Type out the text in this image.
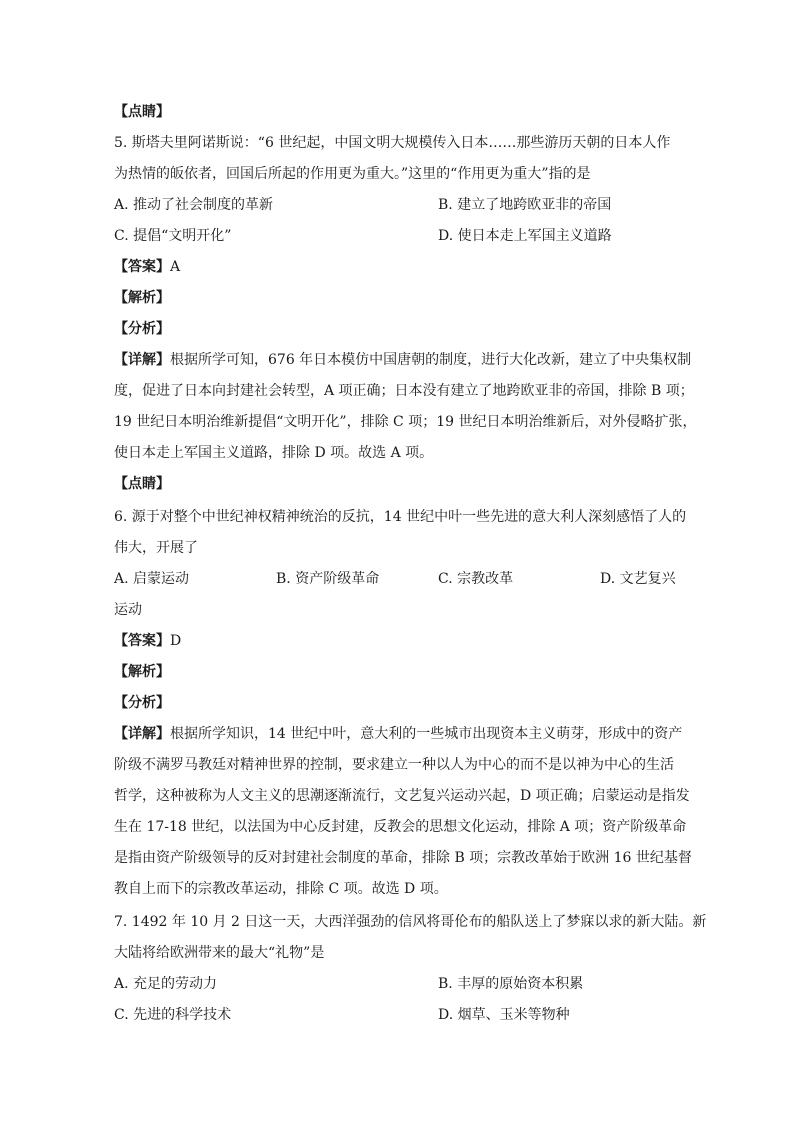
【点睛】
5. 斯塔夫里阿诺斯说：“6 世纪起，中国文明大规模传入日本……那些游历天朝的日本人作
为热情的皈依者，回国后所起的作用更为重大。”这里的“作用更为重大”指的是
A. 推动了社会制度的革新	B. 建立了地跨欧亚非的帝国
C. 提倡“文明开化”	D. 使日本走上军国主义道路
【答案】A
【解析】
【分析】
【详解】根据所学可知，676 年日本模仿中国唐朝的制度，进行大化改新，建立了中央集权制
度，促进了日本向封建社会转型，A 项正确；日本没有建立了地跨欧亚非的帝国，排除 B 项；
19 世纪日本明治维新提倡“文明开化”，排除 C 项；19 世纪日本明治维新后，对外侵略扩张，
使日本走上军国主义道路，排除 D 项。故选 A 项。
【点睛】
6. 源于对整个中世纪神权精神统治的反抗，14 世纪中叶一些先进的意大利人深刻感悟了人的
伟大，开展了
A. 启蒙运动	B. 资产阶级革命	C. 宗教改革	D. 文艺复兴
运动
【答案】D
【解析】
【分析】
【详解】根据所学知识，14 世纪中叶，意大利的一些城市出现资本主义萌芽，形成中的资产
阶级不满罗马教廷对精神世界的控制，要求建立一种以人为中心的而不是以神为中心的生活
哲学，这种被称为人文主义的思潮逐渐流行，文艺复兴运动兴起，D 项正确；启蒙运动是指发
生在 17-18 世纪，以法国为中心反封建，反教会的思想文化运动，排除 A 项；资产阶级革命
是指由资产阶级领导的反对封建社会制度的革命，排除 B 项；宗教改革始于欧洲 16 世纪基督
教自上而下的宗教改革运动，排除 C 项。故选 D 项。
7. 1492 年 10 月 2 日这一天，大西洋强劲的信风将哥伦布的船队送上了梦寐以求的新大陆。新
大陆将给欧洲带来的最大“礼物”是
A. 充足的劳动力	B. 丰厚的原始资本积累
C. 先进的科学技术	D. 烟草、玉米等物种
